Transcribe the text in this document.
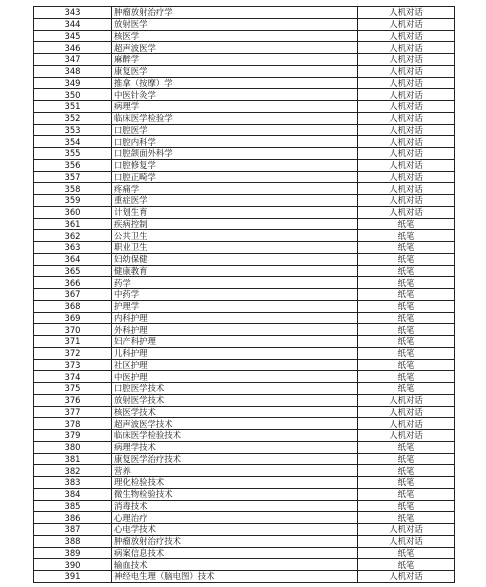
343	肿瘤放射治疗学	人机对话
344	放射医学	人机对话
345	核医学	人机对话
346	超声波医学	人机对话
347	麻醉学	人机对话
348	康复医学	人机对话
349	推拿（按摩）学	人机对话
350	中医针灸学	人机对话
351	病理学	人机对话
352	临床医学检验学	人机对话
353	口腔医学	人机对话
354	口腔内科学	人机对话
355	口腔颌面外科学	人机对话
356	口腔修复学	人机对话
357	口腔正畸学	人机对话
358	疼痛学	人机对话
359	重症医学	人机对话
360	计划生育	人机对话
361	疾病控制	纸笔
362	公共卫生	纸笔
363	职业卫生	纸笔
364	妇幼保健	纸笔
365	健康教育	纸笔
366	药学	纸笔
367	中药学	纸笔
368	护理学	纸笔
369	内科护理	纸笔
370	外科护理	纸笔
371	妇产科护理	纸笔
372	儿科护理	纸笔
373	社区护理	纸笔
374	中医护理	纸笔
375	口腔医学技术	纸笔
376	放射医学技术	人机对话
377	核医学技术	人机对话
378	超声波医学技术	人机对话
379	临床医学检验技术	人机对话
380	病理学技术	纸笔
381	康复医学治疗技术	纸笔
382	营养	纸笔
383	理化检验技术	纸笔
384	微生物检验技术	纸笔
385	消毒技术	纸笔
386	心理治疗	纸笔
387	心电学技术	人机对话
388	肿瘤放射治疗技术	人机对话
389	病案信息技术	纸笔
390	输血技术	纸笔
391	神经电生理（脑电图）技术	人机对话
